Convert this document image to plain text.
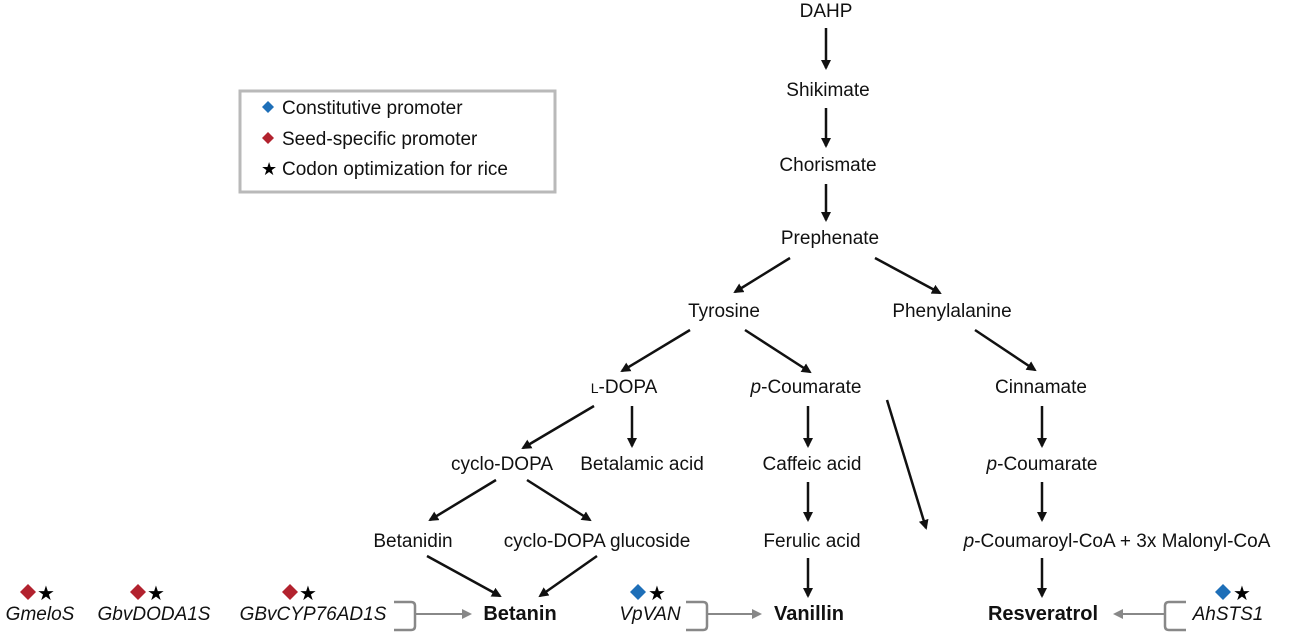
Constitutive promoter
Seed-specific promoter
★ Codon optimization for rice
DAHP
Shikimate
Chorismate
Prephenate
Tyrosine	Phenylalanine
L-DOPA	p-Coumarate	Cinnamate
cyclo-DOPA Betalamic acid	Caffeic acid	p-Coumarate
Betanidin	cyclo-DOPA glucoside	Ferulic acid	p-Coumaroyl-CoA + 3x Malonyl-CoA
Betanin	Vanillin	Resveratrol
★
GmeloS
★
GbvDODA1S
★
GBvCYP76AD1S
★
VpVAN
★
AhSTS1
